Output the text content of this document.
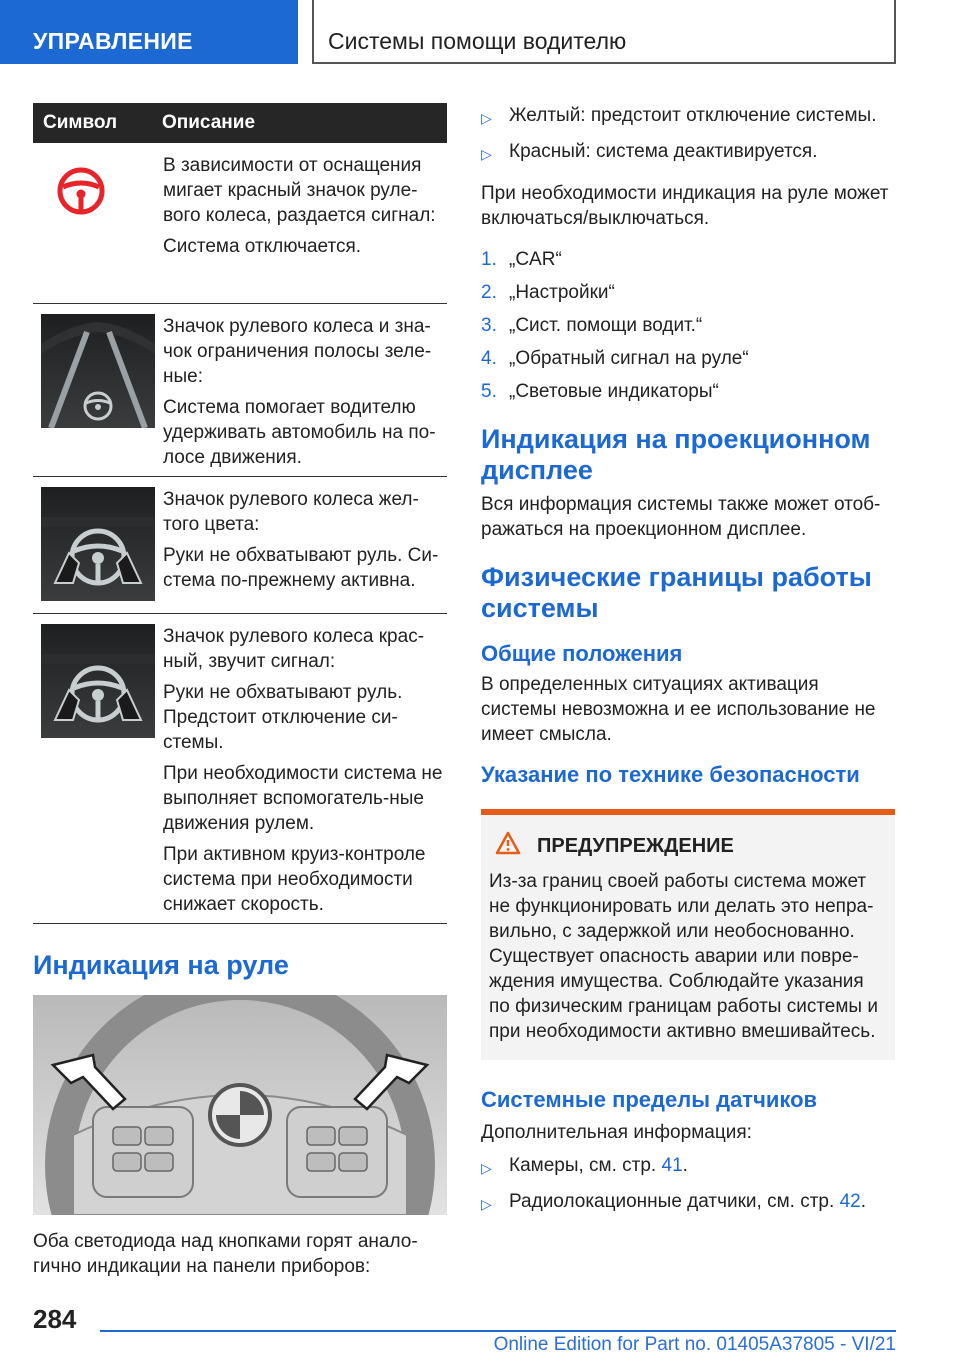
УПРАВЛЕНИЕ	Системы помощи водителю
Символ	Описание

В зависимости от оснащения мигает красный значок руле-вого колеса, раздается сигнал:

Система отключается.

Значок рулевого колеса и зна-чок ограничения полосы зеле-ные:

Система помогает водителю удерживать автомобиль на по-лосе движения.

Значок рулевого колеса жел-того цвета:

Руки не обхватывают руль. Си-стема по-прежнему активна.

Значок рулевого колеса крас-ный, звучит сигнал:

Руки не обхватывают руль. Предстоит отключение си-стемы.

При необходимости система не выполняет вспомогатель-ные движения рулем.

При активном круиз-контроле система при необходимости снижает скорость.

Индикация на руле

Оба светодиода над кнопками горят анало-гично индикации на панели приборов:

▷ Желтый: предстоит отключение системы.
▷ Красный: система деактивируется.

При необходимости индикация на руле может включаться/выключаться.

1. „CAR“
2. „Настройки“
3. „Сист. помощи водит.“
4. „Обратный сигнал на руле“
5. „Световые индикаторы“
Индикация на проекционном дисплее

Вся информация системы также может отоб-ражаться на проекционном дисплее.

Физические границы работы системы
Общие положения

В определенных ситуациях активация системы невозможна и ее использование не имеет смысла.

Указание по технике безопасности
ПРЕДУПРЕЖДЕНИЕ

Из-за границ своей работы система может не функционировать или делать это непра-вильно, с задержкой или необоснованно. Существует опасность аварии или повре-ждения имущества. Соблюдайте указания по физическим границам работы системы и при необходимости активно вмешивайтесь.

Системные пределы датчиков

Дополнительная информация:

▷ Камеры, см. стр. 41.
▷ Радиолокационные датчики, см. стр. 42.
284
Online Edition for Part no. 01405A37805 - VI/21
